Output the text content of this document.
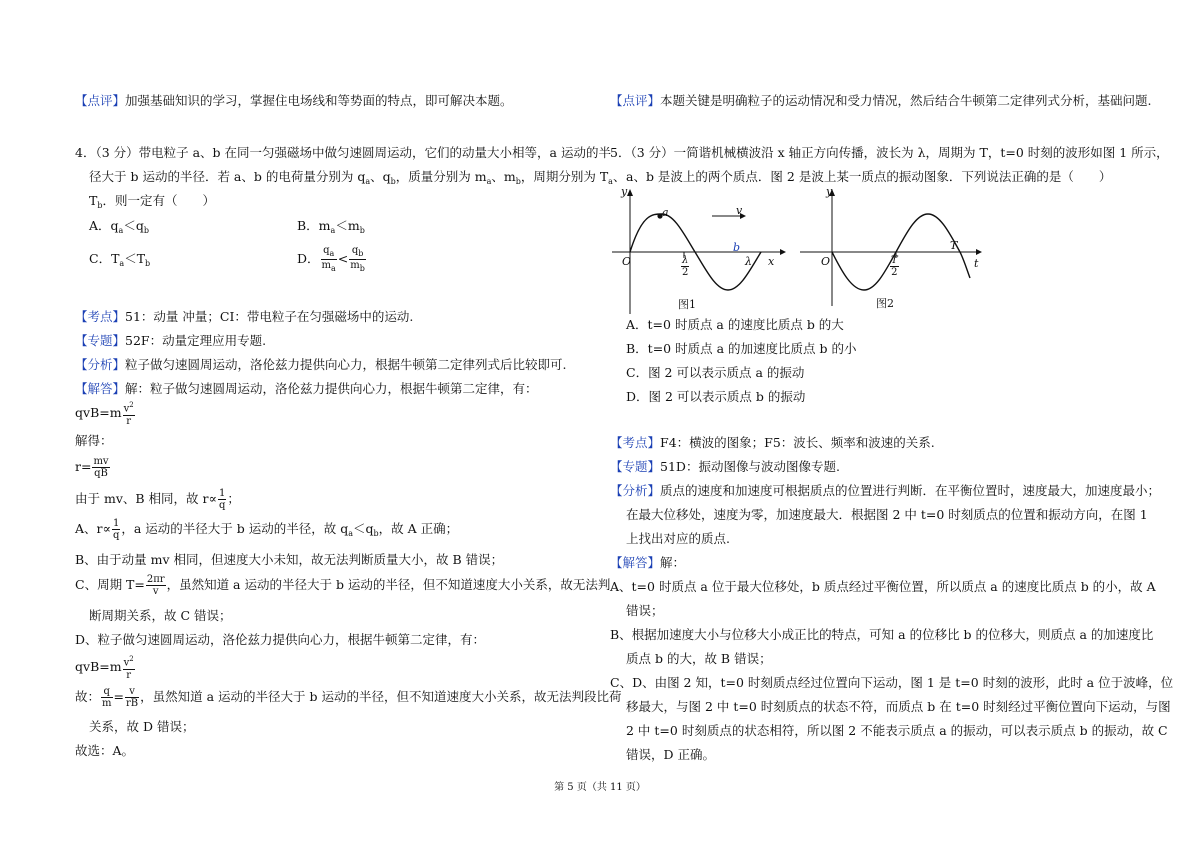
【点评】加强基础知识的学习，掌握住电场线和等势面的特点，即可解决本题。
4．（3 分）带电粒子 a、b 在同一匀强磁场中做匀速圆周运动，它们的动量大小相等，a 运动的半
径大于 b 运动的半径．若 a、b 的电荷量分别为 $q_a$、$q_b$，质量分别为 $m_a$、$m_b$，周期分别为 $T_a$、
$T_b$．则一定有（　　）
A．$q_a<q_b$	B．$m_a<m_b$
C．$T_a<T_b$	D． $\frac{q_a}{m_a} < \frac{q_b}{m_b}$
【考点】51：动量 冲量；CI：带电粒子在匀强磁场中的运动.
【专题】52F：动量定理应用专题.
【分析】粒子做匀速圆周运动，洛伦兹力提供向心力，根据牛顿第二定律列式后比较即可.
【解答】解：粒子做匀速圆周运动，洛伦兹力提供向心力，根据牛顿第二定律，有：
$qvB=m \frac{v^2}{r}$
解得：
$r= \frac{mv}{qB}$
由于 mv、B 相同，故 $r\propto \frac{1}{q}$ ；
A、$r\propto \frac{1}{q}$ ，a 运动的半径大于 b 运动的半径，故 $q_a<q_b$，故 A 正确；
B、由于动量 mv 相同，但速度大小未知，故无法判断质量大小，故 B 错误；
C、周期 $T= \frac{2\pi r}{v}$ ，虽然知道 a 运动的半径大于 b 运动的半径，但不知道速度大小关系，故无法判
断周期关系，故 C 错误；
D、粒子做匀速圆周运动，洛伦兹力提供向心力，根据牛顿第二定律，有：
$qvB=m \frac{v^2}{r}$
故： $\frac{q}{m} = \frac{v}{rB}$ ，虽然知道 a 运动的半径大于 b 运动的半径，但不知道速度大小关系，故无法判段比荷
关系，故 D 错误；
故选：A。
【点评】本题关键是明确粒子的运动情况和受力情况，然后结合牛顿第二定律列式分析，基础问题.
5．（3 分）一简谐机械横波沿 x 轴正方向传播，波长为 λ，周期为 T，t=0 时刻的波形如图 1 所示，
a、b 是波上的两个质点．图 2 是波上某一质点的振动图象．下列说法正确的是（　　）
y
a	v
b
O	x
λ
$\frac{\lambda}{2}$
图1
y
O
T
t
$\frac{T}{2}$
图2
A．t=0 时质点 a 的速度比质点 b 的大
B．t=0 时质点 a 的加速度比质点 b 的小
C．图 2 可以表示质点 a 的振动
D．图 2 可以表示质点 b 的振动
【考点】F4：横波的图象；F5：波长、频率和波速的关系.
【专题】51D：振动图像与波动图像专题.
【分析】质点的速度和加速度可根据质点的位置进行判断．在平衡位置时，速度最大，加速度最小；
在最大位移处，速度为零，加速度最大．根据图 2 中 t=0 时刻质点的位置和振动方向，在图 1
上找出对应的质点.
【解答】解：
A、t=0 时质点 a 位于最大位移处，b 质点经过平衡位置，所以质点 a 的速度比质点 b 的小，故 A
错误；
B、根据加速度大小与位移大小成正比的特点，可知 a 的位移比 b 的位移大，则质点 a 的加速度比
质点 b 的大，故 B 错误；
C、D、由图 2 知，t=0 时刻质点经过位置向下运动，图 1 是 t=0 时刻的波形，此时 a 位于波峰，位
移最大，与图 2 中 t=0 时刻质点的状态不符，而质点 b 在 t=0 时刻经过平衡位置向下运动，与图
2 中 t=0 时刻质点的状态相符，所以图 2 不能表示质点 a 的振动，可以表示质点 b 的振动，故 C
错误，D 正确。
第 5 页（共 11 页）
